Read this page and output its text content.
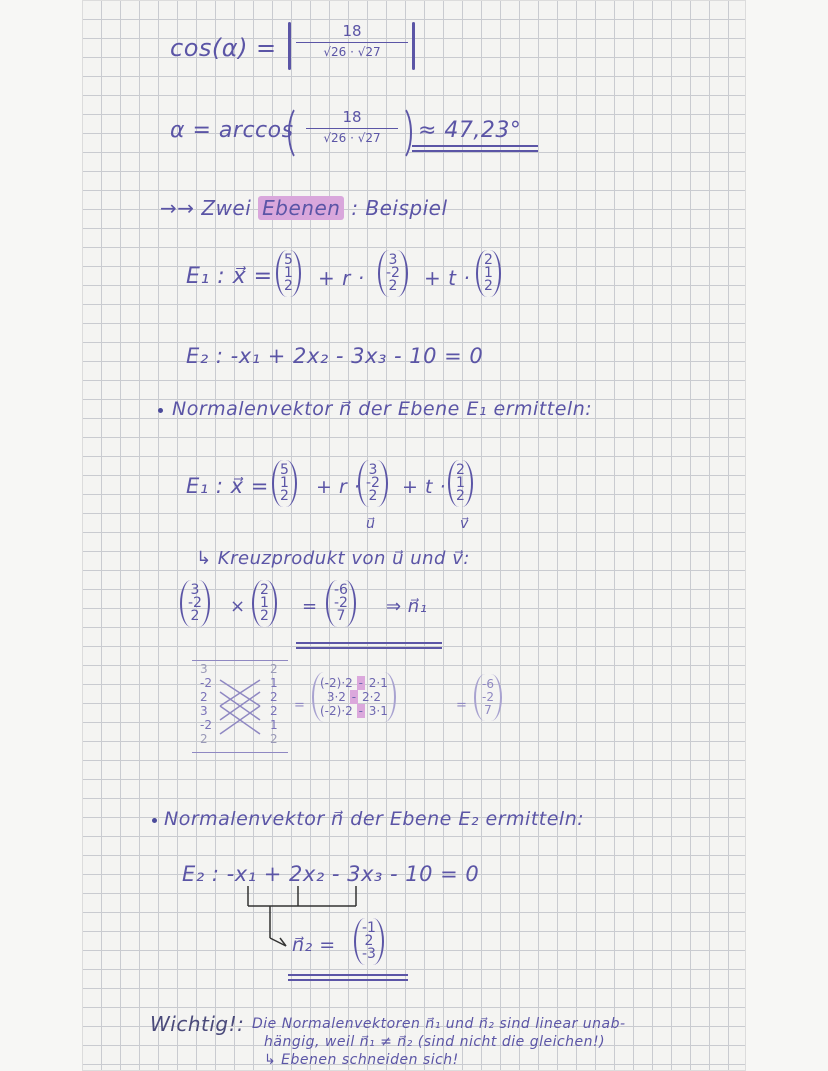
cos(α) =
18
√26 · √27
α = arccos
18
√26 · √27	≈ 47,23°
→→ Zwei Ebenen : Beispiel
E₁ : x⃗ =
5
1
2 + r ·
3
-2
2 + t ·
2
1
2
E₂ : -x₁ + 2x₂ - 3x₃ - 10 = 0
Normalenvektor n⃗ der Ebene E₁ ermitteln:
E₁ : x⃗ =
5
1
2 + r ·
3
-2
2
u⃗
+ t ·
2
1
2
v⃗
↳ Kreuzprodukt von u⃗ und v⃗:
3
-2
2 ×
2
1
2 =
-6
-2
7 ⇒ n⃗₁
3
-2
2
3
-2
2
2
1
2
2
1
2
=
(-2)·2 - 2·1
3·2 - 2·2
(-2)·2 - 3·1	=
-6
-2
7
Normalenvektor n⃗ der Ebene E₂ ermitteln:
E₂ : -x₁ + 2x₂ - 3x₃ - 10 = 0
n⃗₂ =
-1
2
-3
Wichtig!: Die Normalenvektoren n⃗₁ und n⃗₂ sind linear unab-
hängig, weil n⃗₁ ≠ n⃗₂ (sind nicht die gleichen!)
↳ Ebenen schneiden sich!
